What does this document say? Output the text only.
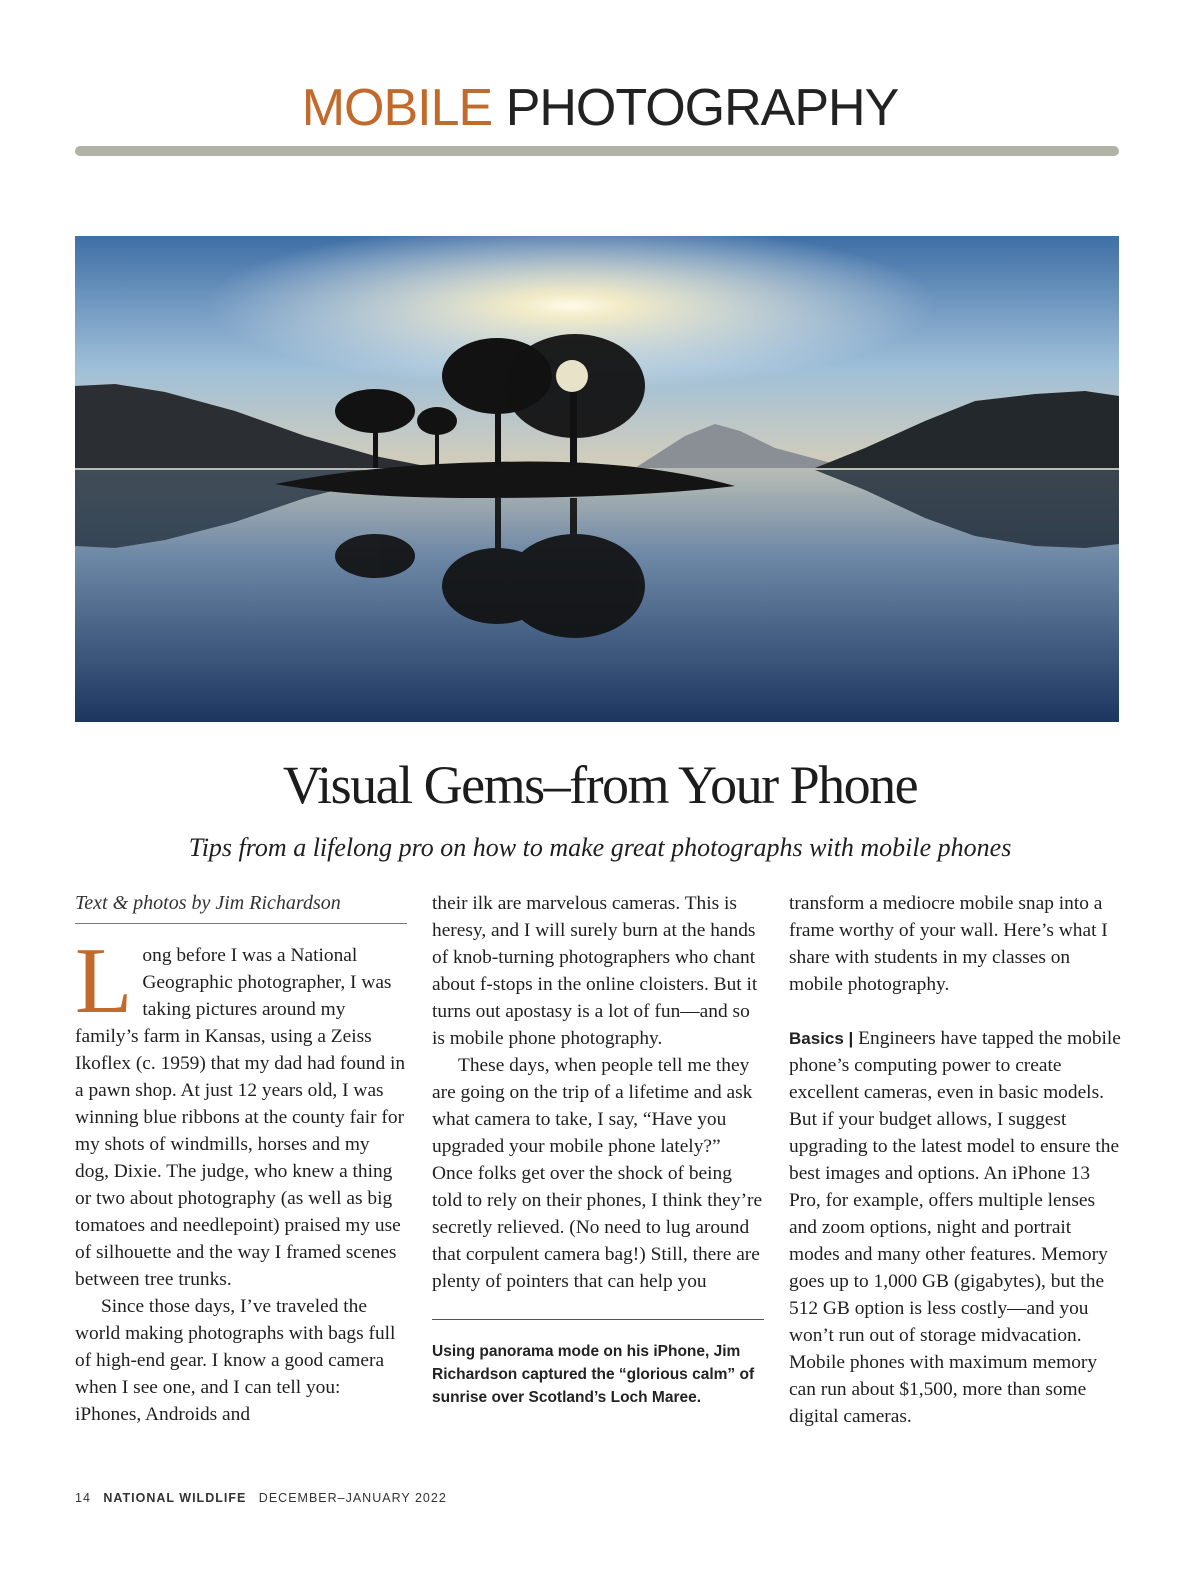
MOBILE PHOTOGRAPHY
Visual Gems–from Your Phone
Tips from a lifelong pro on how to make great photographs with mobile phones
Text & photos by Jim Richardson

Long before I was a National Geographic photographer, I was taking pictures around my family’s farm in Kansas, using a Zeiss Ikoflex (c. 1959) that my dad had found in a pawn shop. At just 12 years old, I was winning blue ribbons at the county fair for my shots of windmills, horses and my dog, Dixie. The judge, who knew a thing or two about photography (as well as big tomatoes and needlepoint) praised my use of silhouette and the way I framed scenes between tree trunks.

Since those days, I’ve traveled the world making photographs with bags full of high-end gear. I know a good camera when I see one, and I can tell you: iPhones, Androids and

their ilk are marvelous cameras. This is heresy, and I will surely burn at the hands of knob-turning photographers who chant about f-stops in the online cloisters. But it turns out apostasy is a lot of fun—and so is mobile phone photography.

These days, when people tell me they are going on the trip of a lifetime and ask what camera to take, I say, “Have you upgraded your mobile phone lately?” Once folks get over the shock of being told to rely on their phones, I think they’re secretly relieved. (No need to lug around that corpulent camera bag!) Still, there are plenty of pointers that can help you

Using panorama mode on his iPhone, Jim Richardson captured the “glorious calm” of sunrise over Scotland’s Loch Maree.

transform a mediocre mobile snap into a frame worthy of your wall. Here’s what I share with students in my classes on mobile photography.

Basics | Engineers have tapped the mobile phone’s computing power to create excellent cameras, even in basic models. But if your budget allows, I suggest upgrading to the latest model to ensure the best images and options. An iPhone 13 Pro, for example, offers multiple lenses and zoom options, night and portrait modes and many other features. Memory goes up to 1,000 GB (gigabytes), but the 512 GB option is less costly—and you won’t run out of storage midvacation. Mobile phones with maximum memory can run about $1,500, more than some digital cameras.

14 NATIONAL WILDLIFE DECEMBER–JANUARY 2022
